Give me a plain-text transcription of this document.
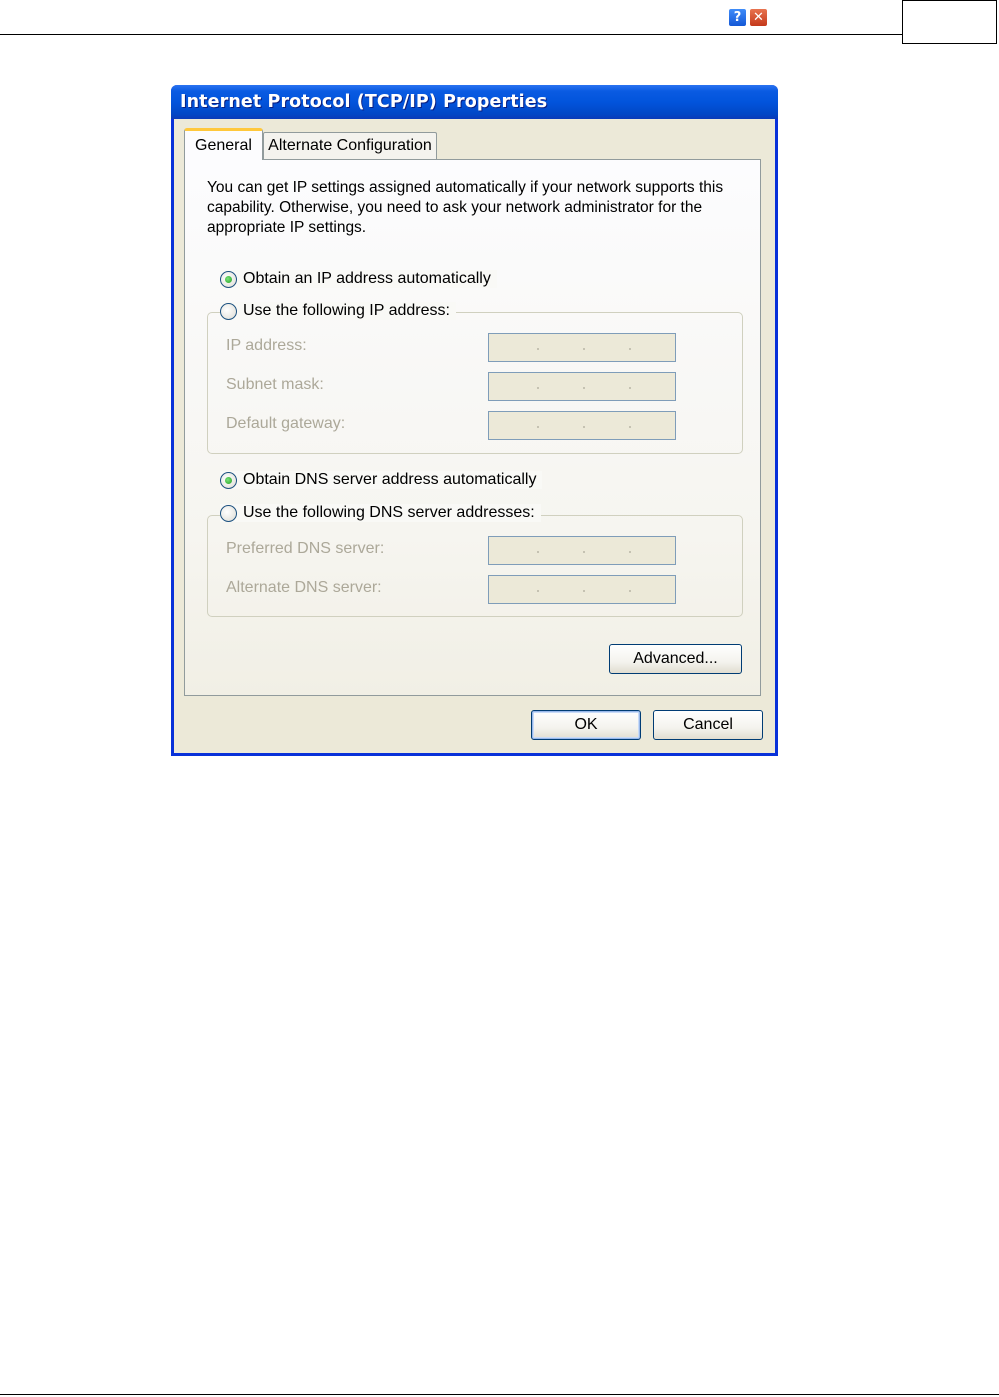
Internet Protocol (TCP/IP) Properties
? ✕
General	Alternate Configuration

You can get IP settings assigned automatically if your network supports this capability. Otherwise, you need to ask your network administrator for the appropriate IP settings.

Obtain an IP address automatically
Use the following IP address:
IP address:
Subnet mask:
Default gateway:
Obtain DNS server address automatically
Use the following DNS server addresses:
Preferred DNS server:
Alternate DNS server:
Advanced...
OK	Cancel
